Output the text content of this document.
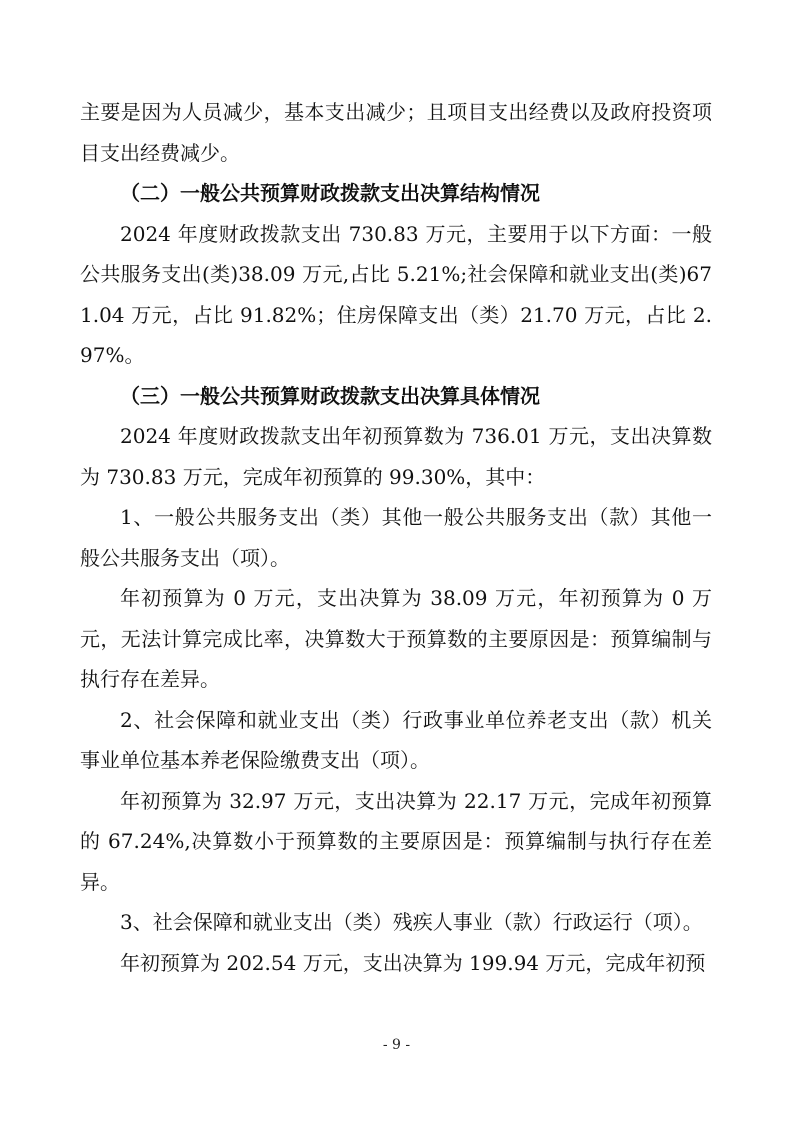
主要是因为人员减少，基本支出减少；且项目支出经费以及政府投资项目支出经费减少。

（二）一般公共预算财政拨款支出决算结构情况

2024 年度财政拨款支出 730.83 万元，主要用于以下方面：一般公共服务支出(类)38.09 万元,占比 5.21%;社会保障和就业支出(类)671.04 万元，占比 91.82%；住房保障支出（类）21.70 万元，占比 2.97%。

（三）一般公共预算财政拨款支出决算具体情况

2024 年度财政拨款支出年初预算数为 736.01 万元，支出决算数为 730.83 万元，完成年初预算的 99.30%，其中：

1、一般公共服务支出（类）其他一般公共服务支出（款）其他一般公共服务支出（项）。

年初预算为 0 万元，支出决算为 38.09 万元，年初预算为 0 万元，无法计算完成比率，决算数大于预算数的主要原因是：预算编制与执行存在差异。

2、社会保障和就业支出（类）行政事业单位养老支出（款）机关事业单位基本养老保险缴费支出（项）。

年初预算为 32.97 万元，支出决算为 22.17 万元，完成年初预算的 67.24%,决算数小于预算数的主要原因是：预算编制与执行存在差异。

3、社会保障和就业支出（类）残疾人事业（款）行政运行（项）。

年初预算为 202.54 万元，支出决算为 199.94 万元，完成年初预

- 9 -
